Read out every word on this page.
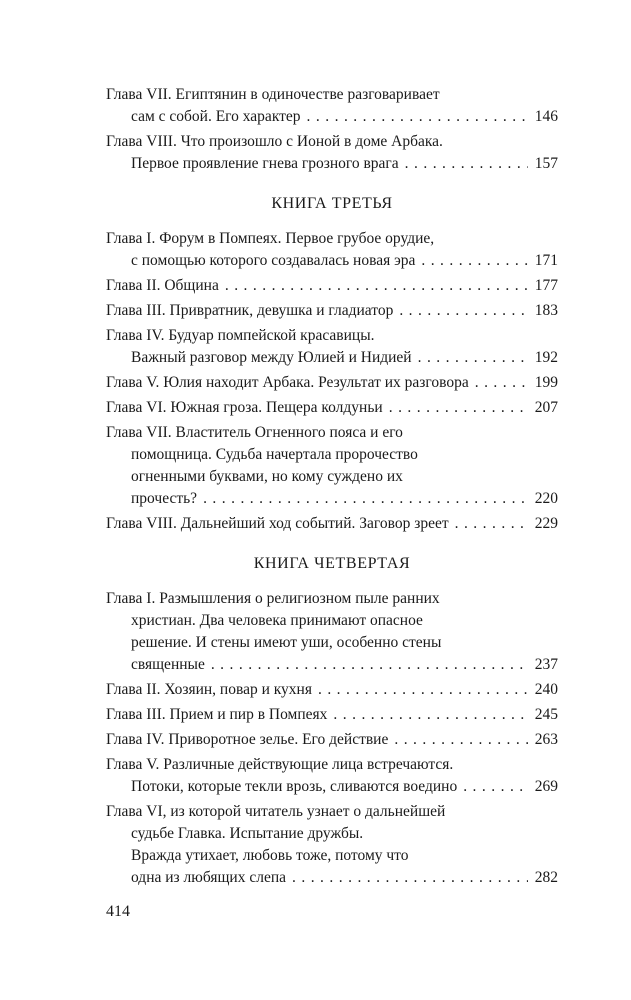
Глава VII. Египтянин в одиночестве разговаривает
сам с собой. Его характер . . .	146
Глава VIII. Что произошло с Ионой в доме Арбака.
Первое проявление гнева грозного врага . . .	157
КНИГА ТРЕТЬЯ
Глава I. Форум в Помпеях. Первое грубое орудие,
с помощью которого создавалась новая эра . . .	171
Глава II. Община . . .	177
Глава III. Привратник, девушка и гладиатор . . .	183
Глава IV. Будуар помпейской красавицы.
Важный разговор между Юлией и Нидией . . .	192
Глава V. Юлия находит Арбака. Результат их разговора . . .	199
Глава VI. Южная гроза. Пещера колдуньи . . .	207
Глава VII. Властитель Огненного пояса и его
помощница. Судьба начертала пророчество
огненными буквами, но кому суждено их
прочесть? . . .	220
Глава VIII. Дальнейший ход событий. Заговор зреет . . .	229
КНИГА ЧЕТВЕРТАЯ
Глава I. Размышления о религиозном пыле ранних
христиан. Два человека принимают опасное
решение. И стены имеют уши, особенно стены
священные . . .	237
Глава II. Хозяин, повар и кухня . . .	240
Глава III. Прием и пир в Помпеях . . .	245
Глава IV. Приворотное зелье. Его действие . . .	263
Глава V. Различные действующие лица встречаются.
Потоки, которые текли врозь, сливаются воедино . . .	269
Глава VI, из которой читатель узнает о дальнейшей
судьбе Главка. Испытание дружбы.
Вражда утихает, любовь тоже, потому что
одна из любящих слепа . . .	282
414
